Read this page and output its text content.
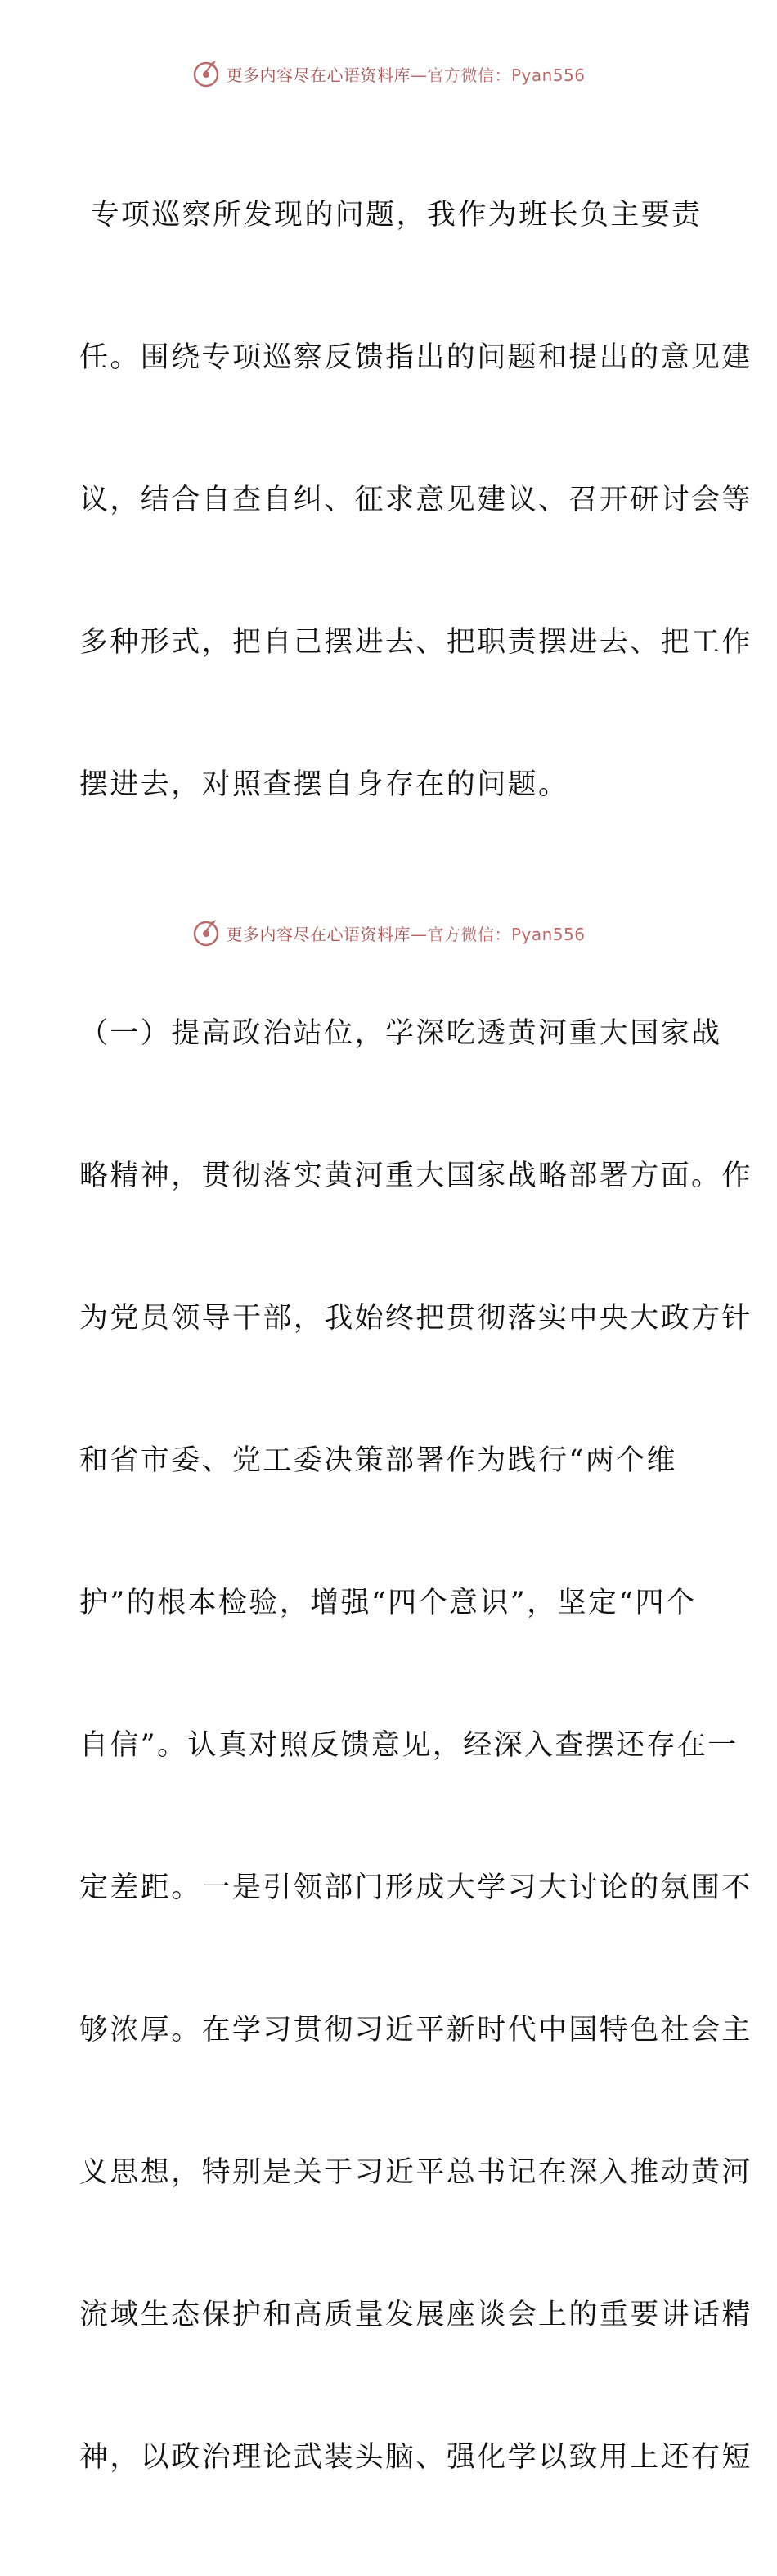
更多内容尽在心语资料库—官方微信：Pyan556

专项巡察所发现的问题，我作为班长负主要责

任。围绕专项巡察反馈指出的问题和提出的意见建

议，结合自查自纠、征求意见建议、召开研讨会等

多种形式，把自己摆进去、把职责摆进去、把工作

摆进去，对照查摆自身存在的问题。

（一）提高政治站位，学深吃透黄河重大国家战

略精神，贯彻落实黄河重大国家战略部署方面。作

为党员领导干部，我始终把贯彻落实中央大政方针

和省市委、党工委决策部署作为践行“两个维

护”的根本检验，增强“四个意识”，坚定“四个

自信”。认真对照反馈意见，经深入查摆还存在一

定差距。一是引领部门形成大学习大讨论的氛围不

够浓厚。在学习贯彻习近平新时代中国特色社会主

义思想，特别是关于习近平总书记在深入推动黄河

流域生态保护和高质量发展座谈会上的重要讲话精

神，以政治理论武装头脑、强化学以致用上还有短

更多内容尽在心语资料库—官方微信：Pyan556
